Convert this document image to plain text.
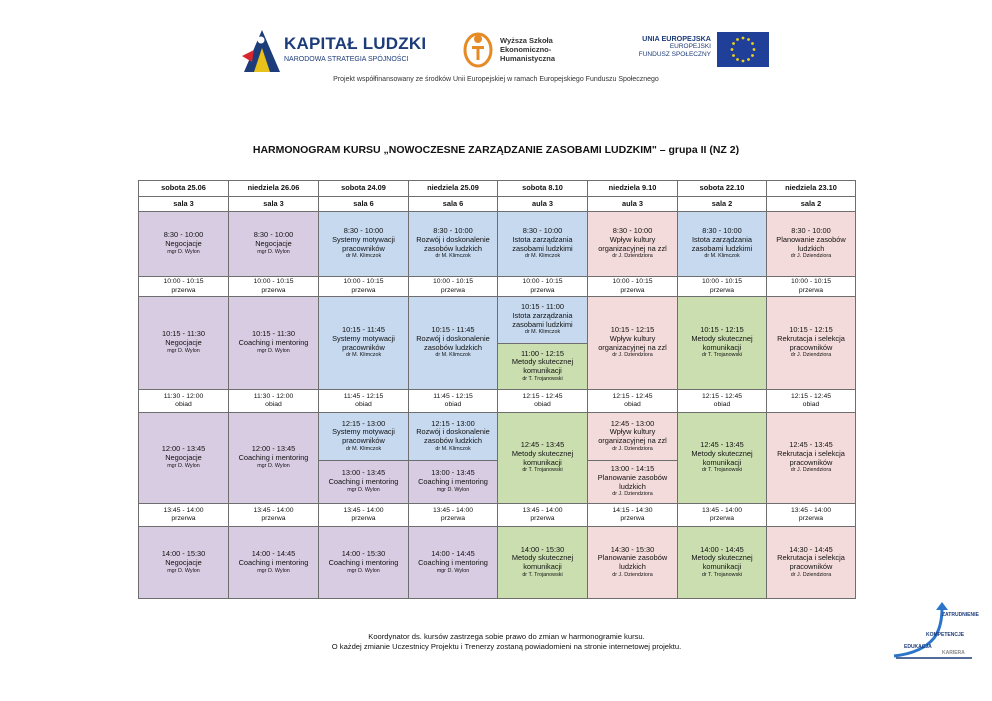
KAPITAŁ LUDZKI
NARODOWA STRATEGIA SPÓJNOŚCI
Wyższa Szkoła
Ekonomiczno-
Humanistyczna
UNIA EUROPEJSKA
EUROPEJSKI
FUNDUSZ SPOŁECZNY
Projekt współfinansowany ze środków Unii Europejskiej w ramach Europejskiego Funduszu Społecznego
HARMONOGRAM KURSU „NOWOCZESNE ZARZĄDZANIE ZASOBAMI LUDZKIM" – grupa II (NZ 2)
sobota 25.06	niedziela 26.06	sobota 24.09	niedziela 25.09	sobota 8.10	niedziela 9.10	sobota 22.10	niedziela 23.10
sala 3	sala 3	sala 6	sala 6	aula 3	aula 3	sala 2	sala 2

8:30 - 10:00
Negocjacje
mgr D. Wylon	8:30 - 10:00
Negocjacje
mgr D. Wylon	8:30 - 10:00
Systemy motywacji pracowników
dr M. Klimczok	8:30 - 10:00
Rozwój i doskonalenie zasobów ludzkich
dr M. Klimczok	8:30 - 10:00
Istota zarządzania zasobami ludzkimi
dr M. Klimczok	8:30 - 10:00
Wpływ kultury organizacyjnej na zzl
dr J. Dziendziora	8:30 - 10:00
Istota zarządzania zasobami ludzkimi
dr M. Klimczok	8:30 - 10:00
Planowanie zasobów ludzkich
dr J. Dziendziora

10:00 - 10:15
przerwa	10:00 - 10:15
przerwa	10:00 - 10:15
przerwa	10:00 - 10:15
przerwa	10:00 - 10:15
przerwa	10:00 - 10:15
przerwa	10:00 - 10:15
przerwa	10:00 - 10:15
przerwa

10:15 - 11:30
Negocjacje
mgr D. Wylon	10:15 - 11:30
Coaching i mentoring
mgr D. Wylon	10:15 - 11:45
Systemy motywacji pracowników
dr M. Klimczok	10:15 - 11:45
Rozwój i doskonalenie zasobów ludzkich
dr M. Klimczok	10:15 - 11:00
Istota zarządzania zasobami ludzkimi
dr M. Klimczok	10:15 - 12:15
Wpływ kultury organizacyjnej na zzl
dr J. Dziendziora	10:15 - 12:15
Metody skutecznej komunikacji
dr T. Trojanowski	10:15 - 12:15
Rekrutacja i selekcja pracowników
dr J. Dziendziora

				11:00 - 12:15
Metody skutecznej komunikacji
dr T. Trojanowski			

11:30 - 12:00
obiad	11:30 - 12:00
obiad	11:45 - 12:15
obiad	11:45 - 12:15
obiad	12:15 - 12:45
obiad	12:15 - 12:45
obiad	12:15 - 12:45
obiad	12:15 - 12:45
obiad

12:00 - 13:45
Negocjacje
mgr D. Wylon	12:00 - 13:45
Coaching i mentoring
mgr D. Wylon	12:15 - 13:00
Systemy motywacji pracowników
dr M. Klimczok	12:15 - 13:00
Rozwój i doskonalenie zasobów ludzkich
dr M. Klimczok	12:45 - 13:45
Metody skutecznej komunikacji
dr T. Trojanowski	12:45 - 13:00
Wpływ kultury organizacyjnej na zzl
dr J. Dziendziora	12:45 - 13:45
Metody skutecznej komunikacji
dr T. Trojanowski	12:45 - 13:45
Rekrutacja i selekcja pracowników
dr J. Dziendziora

		13:00 - 13:45
Coaching i mentoring
mgr D. Wylon	13:00 - 13:45
Coaching i mentoring
mgr D. Wylon		13:00 - 14:15
Planowanie zasobów ludzkich
dr J. Dziendziora		

13:45 - 14:00
przerwa	13:45 - 14:00
przerwa	13:45 - 14:00
przerwa	13:45 - 14:00
przerwa	13:45 - 14:00
przerwa	14:15 - 14:30
przerwa	13:45 - 14:00
przerwa	13:45 - 14:00
przerwa

14:00 - 15:30
Negocjacje
mgr D. Wylon	14:00 - 14:45
Coaching i mentoring
mgr D. Wylon	14:00 - 15:30
Coaching i mentoring
mgr D. Wylon	14:00 - 14:45
Coaching i mentoring
mgr D. Wylon	14:00 - 15:30
Metody skutecznej komunikacji
dr T. Trojanowski	14:30 - 15:30
Planowanie zasobów ludzkich
dr J. Dziendziora	14:00 - 14:45
Metody skutecznej komunikacji
dr T. Trojanowski	14:30 - 14:45
Rekrutacja i selekcja pracowników
dr J. Dziendziora
Koordynator ds. kursów zastrzega sobie prawo do zmian w harmonogramie kursu.
O każdej zmianie Uczestnicy Projektu i Trenerzy zostaną powiadomieni na stronie internetowej projektu.
ZATRUDNIENIE
KOMPETENCJE
EDUKACJA
KARIERA
